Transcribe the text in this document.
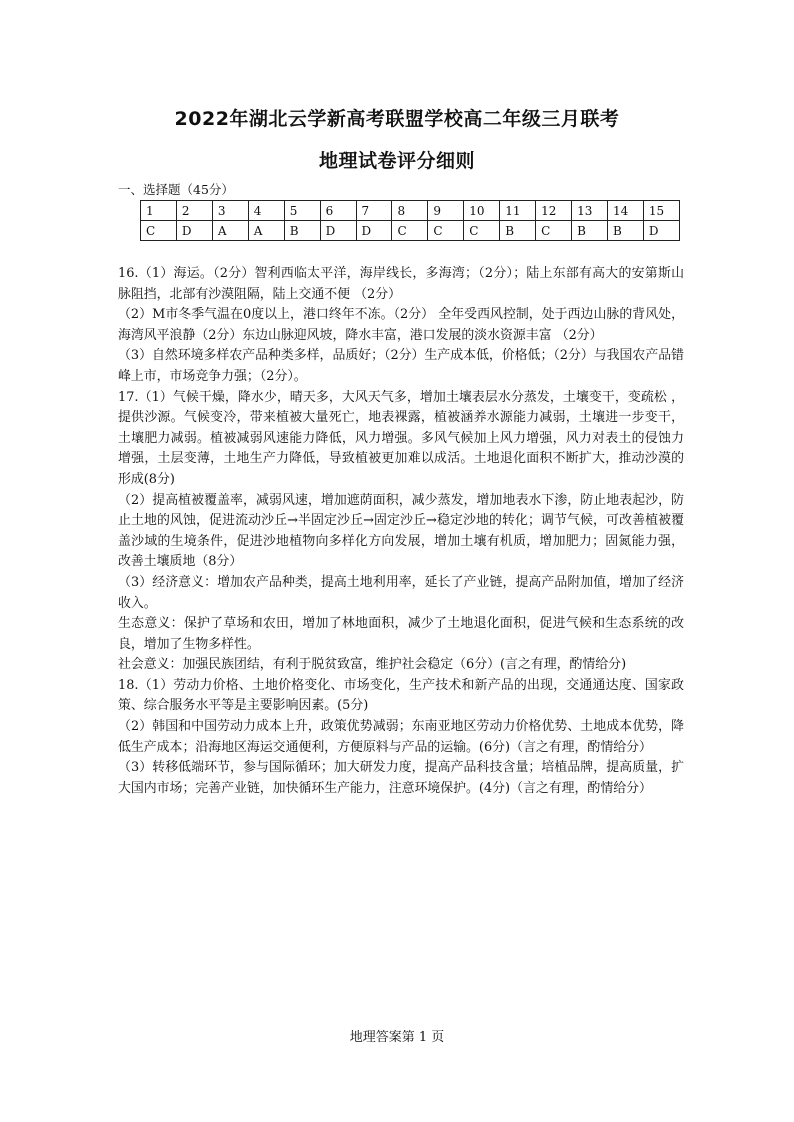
2022年湖北云学新高考联盟学校高二年级三月联考
地理试卷评分细则
一、选择题（45分）
1	2	3	4	5	6	7	8	9	10	11	12	13	14	15
C	D	A	A	B	D	D	C	C	C	B	C	B	B	D

16.（1）海运。（2分）智利西临太平洋，海岸线长，多海湾；（2分）；陆上东部有高大的安第斯山脉阻挡，北部有沙漠阻隔，陆上交通不便 （2分）

（2）M市冬季气温在0度以上，港口终年不冻。（2分） 全年受西风控制，处于西边山脉的背风处，海湾风平浪静（2分）东边山脉迎风坡，降水丰富，港口发展的淡水资源丰富 （2分）

（3）自然环境多样农产品种类多样，品质好；（2分）生产成本低，价格低；（2分）与我国农产品错峰上市，市场竞争力强；（2分）。

17.（1）气候干燥，降水少，晴天多，大风天气多，增加土壤表层水分蒸发，土壤变干，变疏松 ，提供沙源。气候变冷，带来植被大量死亡，地表裸露，植被涵养水源能力减弱，土壤进一步变干，土壤肥力减弱。植被减弱风速能力降低，风力增强。多风气候加上风力增强，风力对表土的侵蚀力增强，土层变薄，土地生产力降低，导致植被更加难以成活。土地退化面积不断扩大，推动沙漠的形成(8分)

（2）提高植被覆盖率，减弱风速，增加遮荫面积，减少蒸发，增加地表水下渗，防止地表起沙，防止土地的风蚀，促进流动沙丘→半固定沙丘→固定沙丘→稳定沙地的转化；调节气候，可改善植被覆盖沙域的生境条件，促进沙地植物向多样化方向发展，增加土壤有机质，增加肥力；固氮能力强，改善土壤质地（8分）

（3）经济意义：增加农产品种类，提高土地利用率，延长了产业链，提高产品附加值，增加了经济收入。

生态意义：保护了草场和农田，增加了林地面积，减少了土地退化面积，促进气候和生态系统的改良，增加了生物多样性。

社会意义：加强民族团结，有利于脱贫致富，维护社会稳定（6分）(言之有理，酌情给分)

18.（1）劳动力价格、土地价格变化、市场变化，生产技术和新产品的出现，交通通达度、国家政策、综合服务水平等是主要影响因素。(5分)

（2）韩国和中国劳动力成本上升，政策优势减弱；东南亚地区劳动力价格优势、土地成本优势，降低生产成本；沿海地区海运交通便利，方便原料与产品的运输。(6分)（言之有理，酌情给分）

（3）转移低端环节，参与国际循环；加大研发力度，提高产品科技含量；培植品牌，提高质量，扩大国内市场；完善产业链，加快循环生产能力，注意环境保护。(4分)（言之有理，酌情给分）

地理答案第 1 页
